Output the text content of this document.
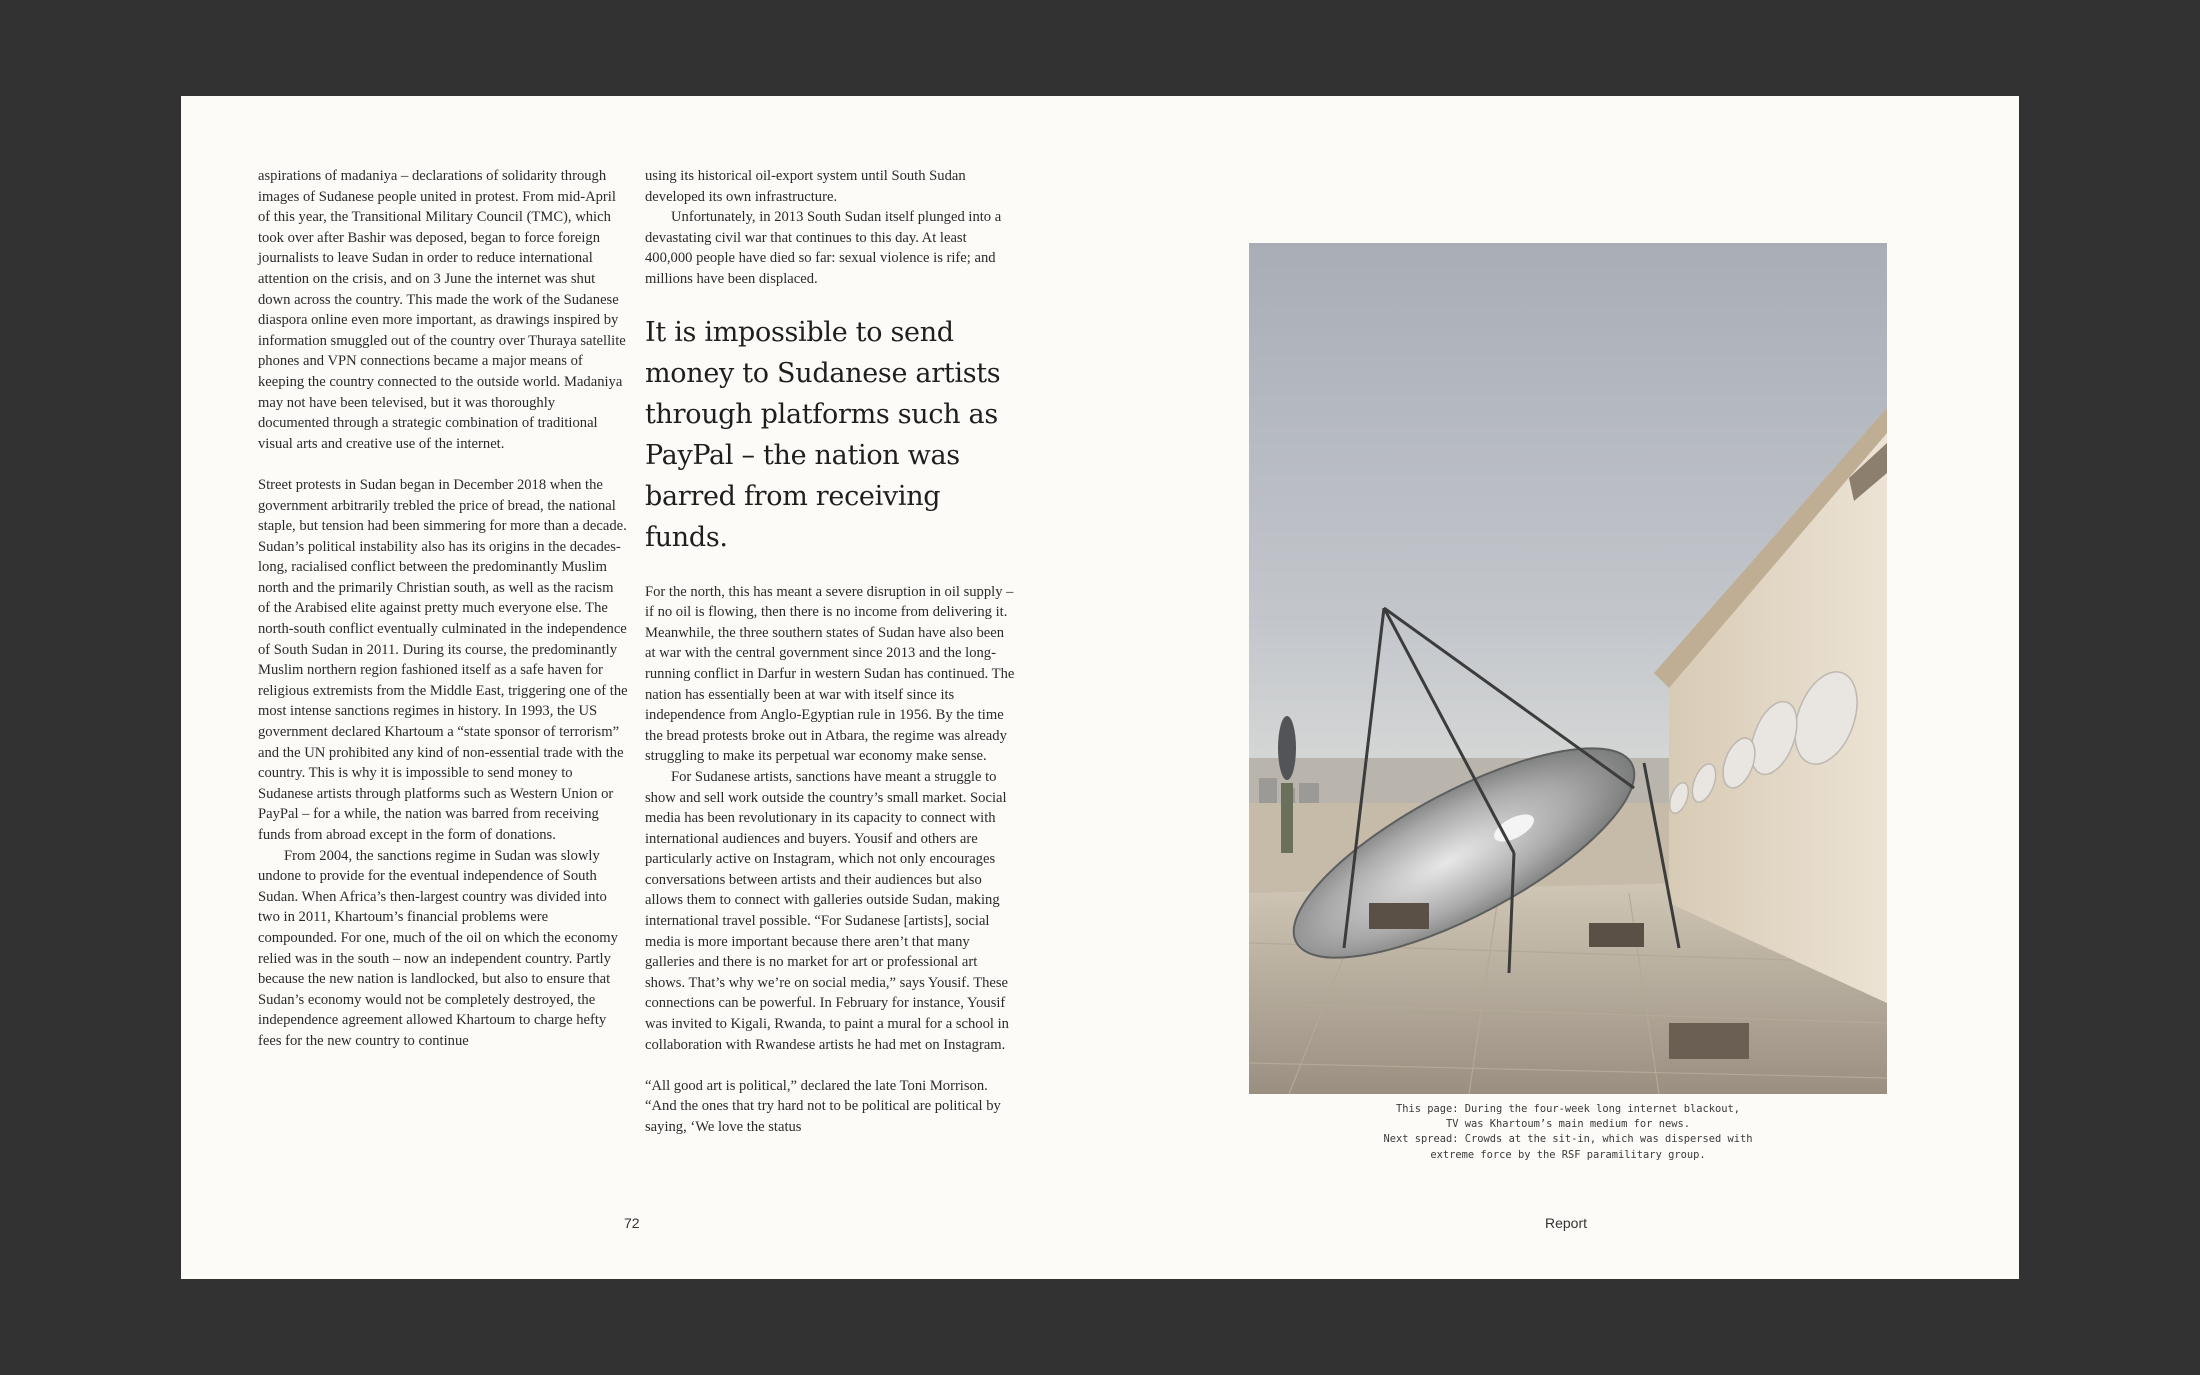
aspirations of madaniya – declarations of solidarity through images of Sudanese people united in protest. From mid-April of this year, the Transitional Military Council (TMC), which took over after Bashir was deposed, began to force foreign journalists to leave Sudan in order to reduce international attention on the crisis, and on 3 June the internet was shut down across the country. This made the work of the Sudanese diaspora online even more important, as drawings inspired by information smuggled out of the country over Thuraya satellite phones and VPN connections became a major means of keeping the country connected to the outside world. Madaniya may not have been televised, but it was thoroughly documented through a strategic combination of traditional visual arts and creative use of the internet.

Street protests in Sudan began in December 2018 when the government arbitrarily trebled the price of bread, the national staple, but tension had been simmering for more than a decade. Sudan’s political instability also has its origins in the decades-long, racialised conflict between the predominantly Muslim north and the primarily Christian south, as well as the racism of the Arabised elite against pretty much everyone else. The north-south conflict eventually culminated in the independence of South Sudan in 2011. During its course, the predominantly Muslim northern region fashioned itself as a safe haven for religious extremists from the Middle East, triggering one of the most intense sanctions regimes in history. In 1993, the US government declared Khartoum a “state sponsor of terrorism” and the UN prohibited any kind of non-essential trade with the country. This is why it is impossible to send money to Sudanese artists through platforms such as Western Union or PayPal – for a while, the nation was barred from receiving funds from abroad except in the form of donations.

From 2004, the sanctions regime in Sudan was slowly undone to provide for the eventual independence of South Sudan. When Africa’s then-largest country was divided into two in 2011, Khartoum’s financial problems were compounded. For one, much of the oil on which the economy relied was in the south – now an independent country. Partly because the new nation is landlocked, but also to ensure that Sudan’s economy would not be completely destroyed, the independence agreement allowed Khartoum to charge hefty fees for the new country to continue

using its historical oil-export system until South Sudan developed its own infrastructure.

Unfortunately, in 2013 South Sudan itself plunged into a devastating civil war that continues to this day. At least 400,000 people have died so far: sexual violence is rife; and millions have been displaced.

It is impossible to send money to Sudanese artists through platforms such as PayPal – the nation was barred from receiving funds.

For the north, this has meant a severe disruption in oil supply – if no oil is flowing, then there is no income from delivering it. Meanwhile, the three southern states of Sudan have also been at war with the central government since 2013 and the long-running conflict in Darfur in western Sudan has continued. The nation has essentially been at war with itself since its independence from Anglo-Egyptian rule in 1956. By the time the bread protests broke out in Atbara, the regime was already struggling to make its perpetual war economy make sense.

For Sudanese artists, sanctions have meant a struggle to show and sell work outside the country’s small market. Social media has been revolutionary in its capacity to connect with international audiences and buyers. Yousif and others are particularly active on Instagram, which not only encourages conversations between artists and their audiences but also allows them to connect with galleries outside Sudan, making international travel possible. “For Sudanese [artists], social media is more important because there aren’t that many galleries and there is no market for art or professional art shows. That’s why we’re on social media,” says Yousif. These connections can be powerful. In February for instance, Yousif was invited to Kigali, Rwanda, to paint a mural for a school in collaboration with Rwandese artists he had met on Instagram.

“All good art is political,” declared the late Toni Morrison. “And the ones that try hard not to be political are political by saying, ‘We love the status

72
This page: During the four-week long internet blackout,
TV was Khartoum’s main medium for news.
Next spread: Crowds at the sit-in, which was dispersed with
extreme force by the RSF paramilitary group.
Report
